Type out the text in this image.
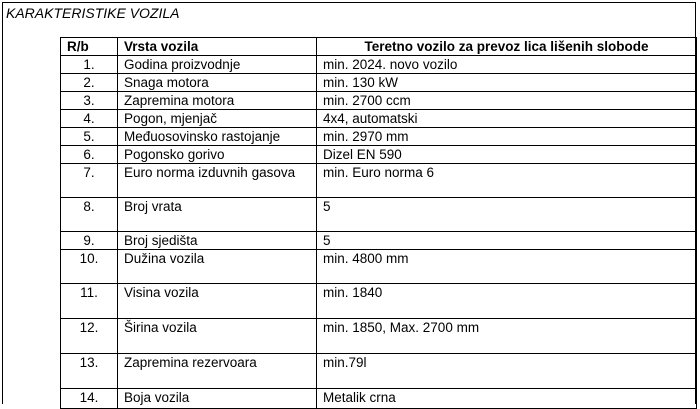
KARAKTERISTIKE VOZILA
R/b	Vrsta vozila	Teretno vozilo za prevoz lica lišenih slobode
1.	Godina proizvodnje	min. 2024. novo vozilo
2.	Snaga motora	min. 130 kW
3.	Zapremina motora	min. 2700 ccm
4.	Pogon, mjenjač	4x4, automatski
5.	Međuosovinsko rastojanje	min. 2970 mm
6.	Pogonsko gorivo	Dizel EN 590
7.	Euro norma izduvnih gasova	min. Euro norma 6
8.	Broj vrata	5
9.	Broj sjedišta	5
10.	Dužina vozila	min. 4800 mm
11.	Visina vozila	min. 1840
12.	Širina vozila	min. 1850, Max. 2700 mm
13.	Zapremina rezervoara	min.79l
14.	Boja vozila	Metalik crna
